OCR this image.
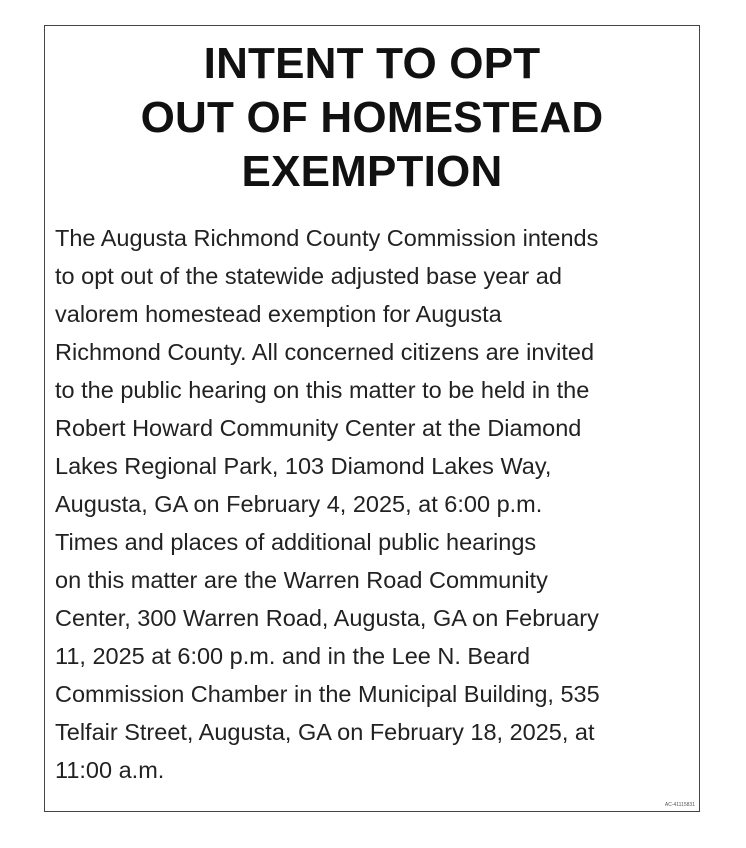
INTENT TO OPT
OUT OF HOMESTEAD
EXEMPTION

The Augusta Richmond County Commission intends
to opt out of the statewide adjusted base year ad
valorem homestead exemption for Augusta
Richmond County. All concerned citizens are invited
to the public hearing on this matter to be held in the
Robert Howard Community Center at the Diamond
Lakes Regional Park, 103 Diamond Lakes Way,
Augusta, GA on February 4, 2025, at 6:00 p.m.
Times and places of additional public hearings
on this matter are the Warren Road Community
Center, 300 Warren Road, Augusta, GA on February
11, 2025 at 6:00 p.m. and in the Lee N. Beard
Commission Chamber in the Municipal Building, 535
Telfair Street, Augusta, GA on February 18, 2025, at
11:00 a.m.

AC-41115831
